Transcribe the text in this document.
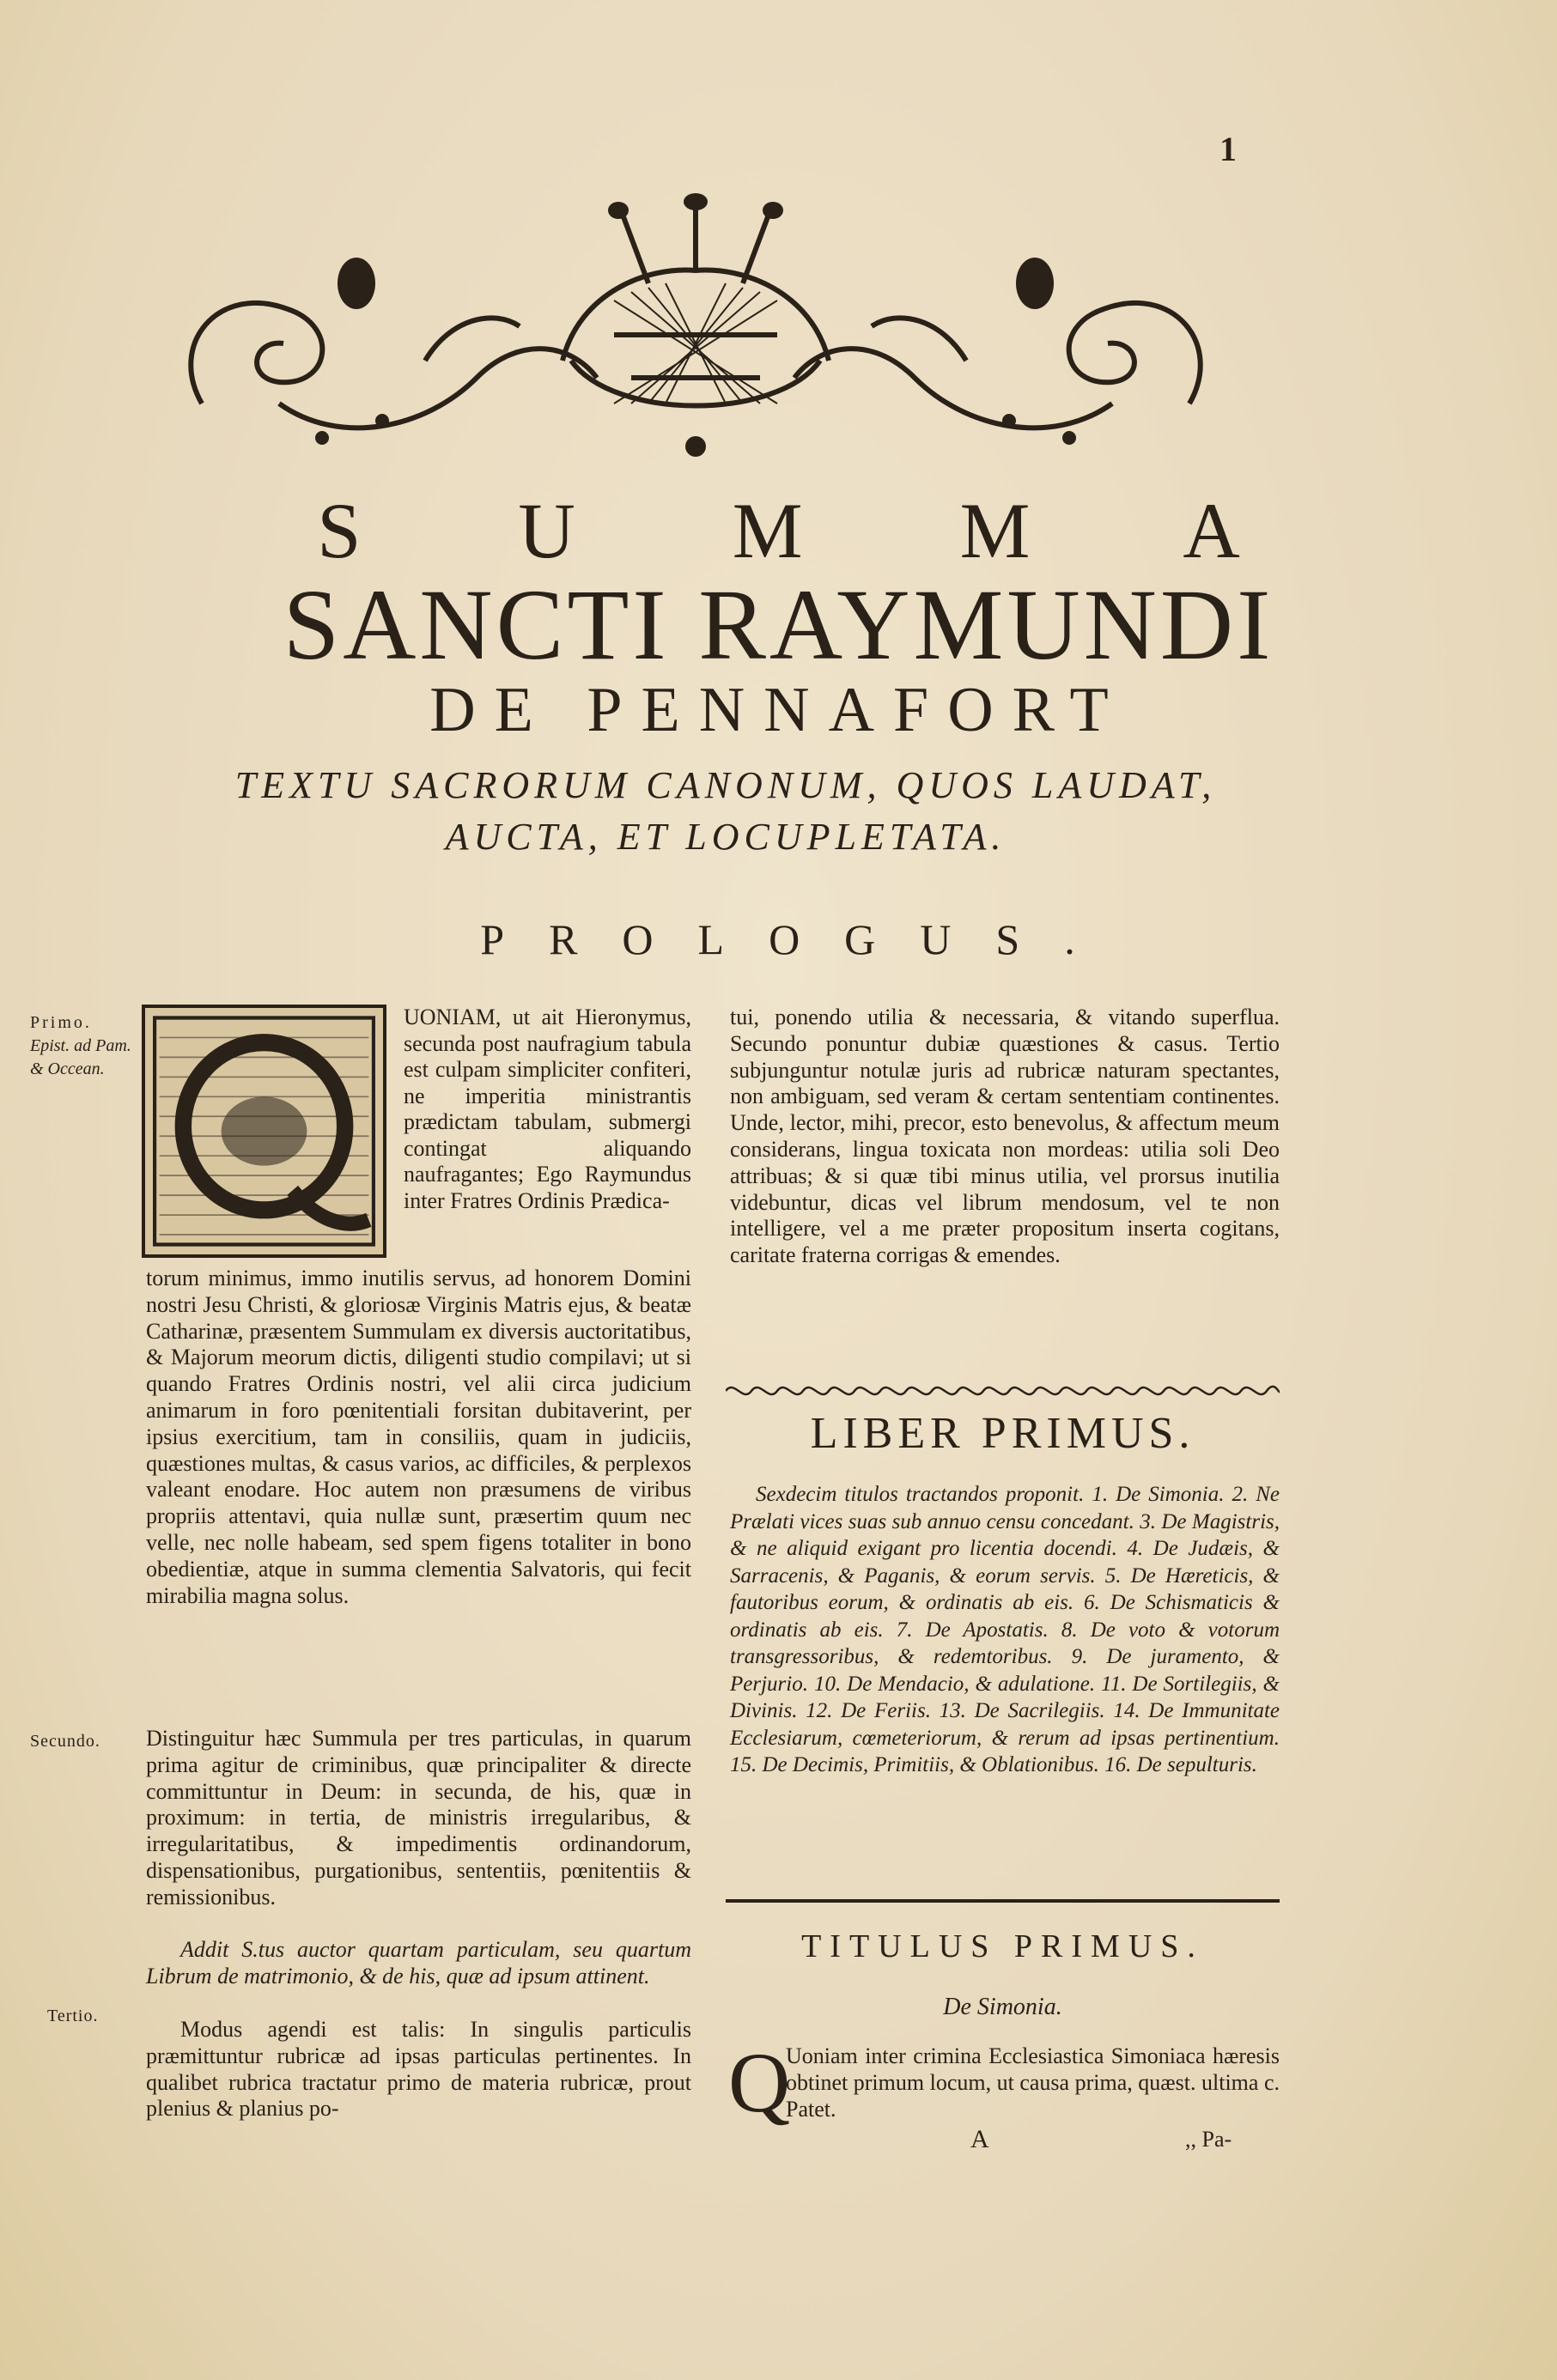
1
S U M M A
SANCTI RAYMUNDI
DE PENNAFORT
TEXTU SACRORUM CANONUM, QUOS LAUDAT, AUCTA, ET LOCUPLETATA.
PROLOGUS.
Primo.
Epist. ad Pam. & Occean.
Secundo.
Tertio.
UONIAM, ut ait Hieronymus, secunda post naufragium tabula est culpam simpliciter confiteri, ne imperitia ministrantis prædictam tabulam, submergi contingat aliquando naufragantes; Ego Raymundus inter Fratres Ordinis Prædica-
torum minimus, immo inutilis servus, ad honorem Domini nostri Jesu Christi, & gloriosæ Virginis Matris ejus, & beatæ Catharinæ, præsentem Summulam ex diversis auctoritatibus, & Majorum meorum dictis, diligenti studio compilavi; ut si quando Fratres Ordinis nostri, vel alii circa judicium animarum in foro pœnitentiali forsitan dubitaverint, per ipsius exercitium, tam in consiliis, quam in judiciis, quæstiones multas, & casus varios, ac difficiles, & perplexos valeant enodare. Hoc autem non præsumens de viribus propriis attentavi, quia nullæ sunt, præsertim quum nec velle, nec nolle habeam, sed spem figens totaliter in bono obedientiæ, atque in summa clementia Salvatoris, qui fecit mirabilia magna solus.
Distinguitur hæc Summula per tres particulas, in quarum prima agitur de criminibus, quæ principaliter & directe committuntur in Deum: in secunda, de his, quæ in proximum: in tertia, de ministris irregularibus, & irregularitatibus, & impedimentis ordinandorum, dispensationibus, purgationibus, sententiis, pœnitentiis & remissionibus.
Addit S.tus auctor quartam particulam, seu quartum Librum de matrimonio, & de his, quæ ad ipsum attinent.
Modus agendi est talis: In singulis particulis præmittuntur rubricæ ad ipsas particulas pertinentes. In qualibet rubrica tractatur primo de materia rubricæ, prout plenius & planius po-
tui, ponendo utilia & necessaria, & vitando superflua. Secundo ponuntur dubiæ quæstiones & casus. Tertio subjunguntur notulæ juris ad rubricæ naturam spectantes, non ambiguam, sed veram & certam sententiam continentes. Unde, lector, mihi, precor, esto benevolus, & affectum meum considerans, lingua toxicata non mordeas: utilia soli Deo attribuas; & si quæ tibi minus utilia, vel prorsus inutilia videbuntur, dicas vel librum mendosum, vel te non intelligere, vel a me præter propositum inserta cogitans, caritate fraterna corrigas & emendes.
LIBER PRIMUS.
Sexdecim titulos tractandos proponit. 1. De Simonia. 2. Ne Prælati vices suas sub annuo censu concedant. 3. De Magistris, & ne aliquid exigant pro licentia docendi. 4. De Judæis, & Sarracenis, & Paganis, & eorum servis. 5. De Hæreticis, & fautoribus eorum, & ordinatis ab eis. 6. De Schismaticis & ordinatis ab eis. 7. De Apostatis. 8. De voto & votorum transgressoribus, & redemtoribus. 9. De juramento, & Perjurio. 10. De Mendacio, & adulatione. 11. De Sortilegiis, & Divinis. 12. De Feriis. 13. De Sacrilegiis. 14. De Immunitate Ecclesiarum, cœmeteriorum, & rerum ad ipsas pertinentium. 15. De Decimis, Primitiis, & Oblationibus. 16. De sepulturis.
TITULUS PRIMUS.
De Simonia.
Q
Uoniam inter crimina Ecclesiastica Simoniaca hæresis obtinet primum locum, ut causa prima, quæst. ultima c. Patet.
A	,, Pa-
